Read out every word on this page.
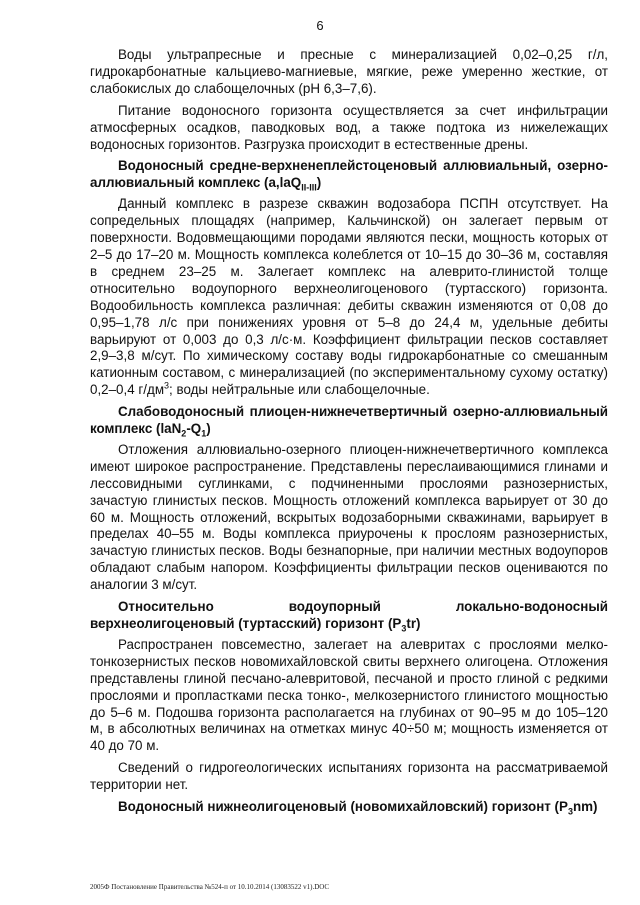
6

Воды ультрапресные и пресные с минерализацией 0,02–0,25 г/л, гидрокарбонатные кальциево-магниевые, мягкие, реже умеренно жесткие, от слабокислых до слабощелочных (рН 6,3–7,6).

Питание водоносного горизонта осуществляется за счет инфильтрации атмосферных осадков, паводковых вод, а также подтока из нижележащих водоносных горизонтов. Разгрузка происходит в естественные дрены.

Водоносный средне-верхненеплейстоценовый аллювиальный, озерно-аллювиальный комплекс (a,laQ$_{II-III}$)

Данный комплекс в разрезе скважин водозабора ПСПН отсутствует. На сопредельных площадях (например, Кальчинской) он залегает первым от поверхности. Водовмещающими породами являются пески, мощность которых от 2–5 до 17–20 м. Мощность комплекса колеблется от 10–15 до 30–36 м, составляя в среднем 23–25 м. Залегает комплекс на алеврито-глинистой толще относительно водоупорного верхнеолигоценового (туртасского) горизонта. Водообильность комплекса различная: дебиты скважин изменяются от 0,08 до 0,95–1,78 л/с при понижениях уровня от 5–8 до 24,4 м, удельные дебиты варьируют от 0,003 до 0,3 л/с·м. Коэффициент фильтрации песков составляет 2,9–3,8 м/сут. По химическому составу воды гидрокарбонатные со смешанным катионным составом, с минерализацией (по экспериментальному сухому остатку) 0,2–0,4 $г/дм^3$; воды нейтральные или слабощелочные.

Слабоводоносный плиоцен-нижнечетвертичный озерно-аллювиальный комплекс $(laN_2-Q_1)$

Отложения аллювиально-озерного плиоцен-нижнечетвертичного комплекса имеют широкое распространение. Представлены переслаивающимися глинами и лессовидными суглинками, с подчиненными прослоями разнозернистых, зачастую глинистых песков. Мощность отложений комплекса варьирует от 30 до 60 м. Мощность отложений, вскрытых водозаборными скважинами, варьирует в пределах 40–55 м. Воды комплекса приурочены к прослоям разнозернистых, зачастую глинистых песков. Воды безнапорные, при наличии местных водоупоров обладают слабым напором. Коэффициенты фильтрации песков оцениваются по аналогии 3 м/сут.

Относительно водоупорный локально-водоносный верхнеолигоценовый (туртасский) горизонт $(P_3tr)$

Распространен повсеместно, залегает на алевритах с прослоями мелко-тонкозернистых песков новомихайловской свиты верхнего олигоцена. Отложения представлены глиной песчано-алевритовой, песчаной и просто глиной с редкими прослоями и пропластками песка тонко-, мелкозернистого глинистого мощностью до 5–6 м. Подошва горизонта располагается на глубинах от 90–95 м до 105–120 м, в абсолютных величинах на отметках минус 40÷50 м; мощность изменяется от 40 до 70 м.

Сведений о гидрогеологических испытаниях горизонта на рассматриваемой территории нет.

Водоносный нижнеолигоценовый (новомихайловский) горизонт $(P_3nm)$

2005Ф Постановление Правительства №524-п от 10.10.2014 (13083522 v1).DOC
